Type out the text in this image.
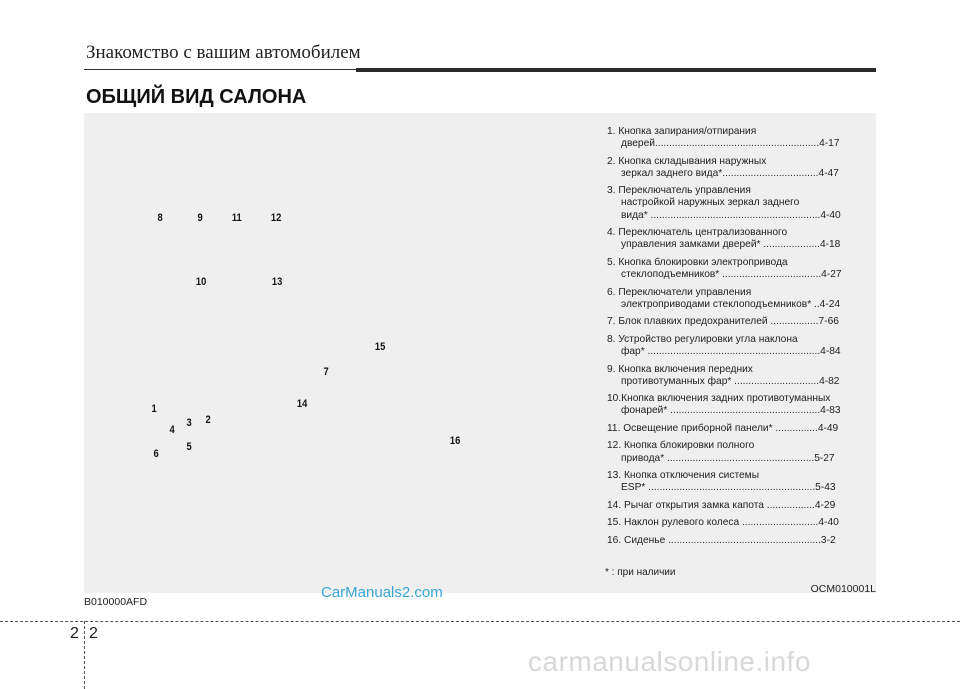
Знакомство с вашим автомобилем
ОБЩИЙ ВИД САЛОНА
8	9	11	12
10	13
15
7
14
1
4
3 2
5
6
16
1. Кнопка запирания/отпирания
дверей..........................................................4-17
2. Кнопка складывания наружных
зеркал заднего вида*..................................4-47
3. Переключатель управления
настройкой наружных зеркал заднего
вида* ............................................................4-40
4. Переключатель централизованного
управления замками дверей* ....................4-18
5. Кнопка блокировки электропривода
стеклоподъемников* ...................................4-27
6. Переключатели управления
электроприводами стеклоподъемников* ..4-24
7. Блок плавких предохранителей .................7-66
8. Устройство регулировки угла наклона
фар* .............................................................4-84
9. Кнопка включения передних
противотуманных фар* ..............................4-82
10.Кнопка включения задних противотуманных
фонарей* .....................................................4-83
11. Освещение приборной панели* ...............4-49
12. Кнопка блокировки полного
привода* ....................................................5-27
13. Кнопка отключения системы
ESP* ...........................................................5-43
14. Рычаг открытия замка капота .................4-29
15. Наклон рулевого колеса ...........................4-40
16. Сиденье ......................................................3-2
* : при наличии
OCM010001L
B010000AFD
CarManuals2.com
2 2
carmanualsonline.info
